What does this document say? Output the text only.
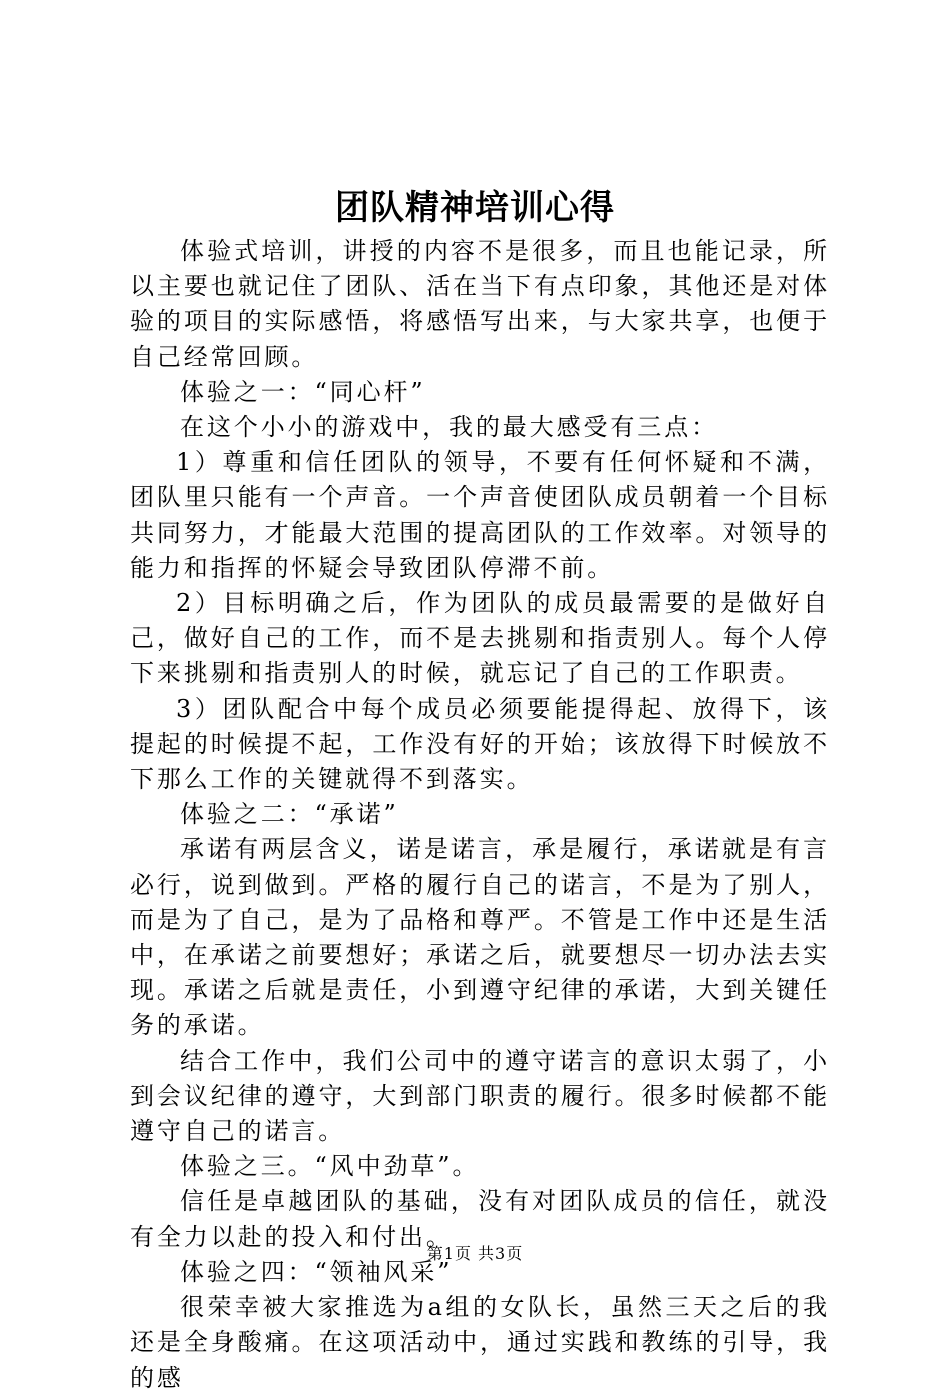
团队精神培训心得

体验式培训，讲授的内容不是很多，而且也能记录，所以主要也就记住了团队、活在当下有点印象，其他还是对体验的项目的实际感悟，将感悟写出来，与大家共享，也便于自己经常回顾。

体验之一：“同心杆”

在这个小小的游戏中，我的最大感受有三点：

1）尊重和信任团队的领导，不要有任何怀疑和不满，团队里只能有一个声音。一个声音使团队成员朝着一个目标共同努力，才能最大范围的提高团队的工作效率。对领导的能力和指挥的怀疑会导致团队停滞不前。

2）目标明确之后，作为团队的成员最需要的是做好自己，做好自己的工作，而不是去挑剔和指责别人。每个人停下来挑剔和指责别人的时候，就忘记了自己的工作职责。

3）团队配合中每个成员必须要能提得起、放得下，该提起的时候提不起，工作没有好的开始；该放得下时候放不下那么工作的关键就得不到落实。

体验之二：“承诺”

承诺有两层含义，诺是诺言，承是履行，承诺就是有言必行，说到做到。严格的履行自己的诺言，不是为了别人，而是为了自己，是为了品格和尊严。不管是工作中还是生活中，在承诺之前要想好；承诺之后，就要想尽一切办法去实现。承诺之后就是责任，小到遵守纪律的承诺，大到关键任务的承诺。

结合工作中，我们公司中的遵守诺言的意识太弱了，小到会议纪律的遵守，大到部门职责的履行。很多时候都不能遵守自己的诺言。

体验之三。“风中劲草”。

信任是卓越团队的基础，没有对团队成员的信任，就没有全力以赴的投入和付出。

体验之四：“领袖风采”

很荣幸被大家推选为a组的女队长，虽然三天之后的我还是全身酸痛。在这项活动中，通过实践和教练的引导，我的感

第1页 共3页
